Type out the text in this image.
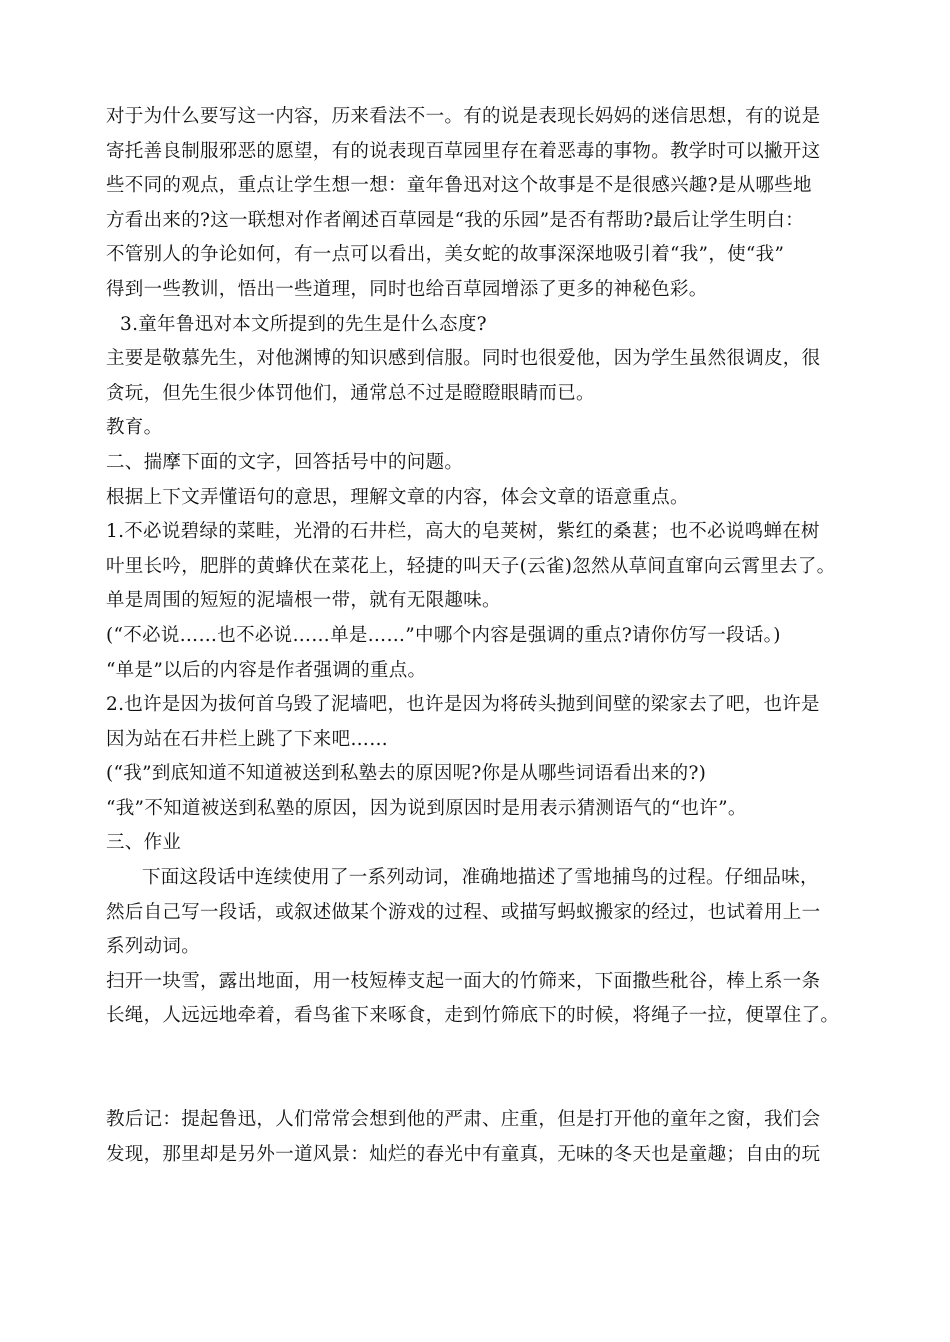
对于为什么要写这一内容，历来看法不一。有的说是表现长妈妈的迷信思想，有的说是
寄托善良制服邪恶的愿望，有的说表现百草园里存在着恶毒的事物。教学时可以撇开这
些不同的观点，重点让学生想一想：童年鲁迅对这个故事是不是很感兴趣?是从哪些地
方看出来的?这一联想对作者阐述百草园是“我的乐园”是否有帮助?最后让学生明白：
不管别人的争论如何，有一点可以看出，美女蛇的故事深深地吸引着“我”，使“我”
得到一些教训，悟出一些道理，同时也给百草园增添了更多的神秘色彩。
3.童年鲁迅对本文所提到的先生是什么态度?
主要是敬慕先生，对他渊博的知识感到信服。同时也很爱他，因为学生虽然很调皮，很
贪玩，但先生很少体罚他们，通常总不过是瞪瞪眼睛而已。
教育。
二、揣摩下面的文字，回答括号中的问题。
根据上下文弄懂语句的意思，理解文章的内容，体会文章的语意重点。
1.不必说碧绿的菜畦，光滑的石井栏，高大的皂荚树，紫红的桑葚；也不必说鸣蝉在树
叶里长吟，肥胖的黄蜂伏在菜花上，轻捷的叫天子(云雀)忽然从草间直窜向云霄里去了。
单是周围的短短的泥墙根一带，就有无限趣味。
(“不必说……也不必说……单是……”中哪个内容是强调的重点?请你仿写一段话。)
“单是”以后的内容是作者强调的重点。
2.也许是因为拔何首乌毁了泥墙吧，也许是因为将砖头抛到间壁的梁家去了吧，也许是
因为站在石井栏上跳了下来吧……
(“我”到底知道不知道被送到私塾去的原因呢?你是从哪些词语看出来的?)
“我”不知道被送到私塾的原因，因为说到原因时是用表示猜测语气的“也许”。
三、作业
下面这段话中连续使用了一系列动词，准确地描述了雪地捕鸟的过程。仔细品味，
然后自己写一段话，或叙述做某个游戏的过程、或描写蚂蚁搬家的经过，也试着用上一
系列动词。
扫开一块雪，露出地面，用一枝短棒支起一面大的竹筛来，下面撒些秕谷，棒上系一条
长绳，人远远地牵着，看鸟雀下来啄食，走到竹筛底下的时候，将绳子一拉，便罩住了。
教后记：提起鲁迅，人们常常会想到他的严肃、庄重，但是打开他的童年之窗，我们会
发现，那里却是另外一道风景：灿烂的春光中有童真，无味的冬天也是童趣；自由的玩
